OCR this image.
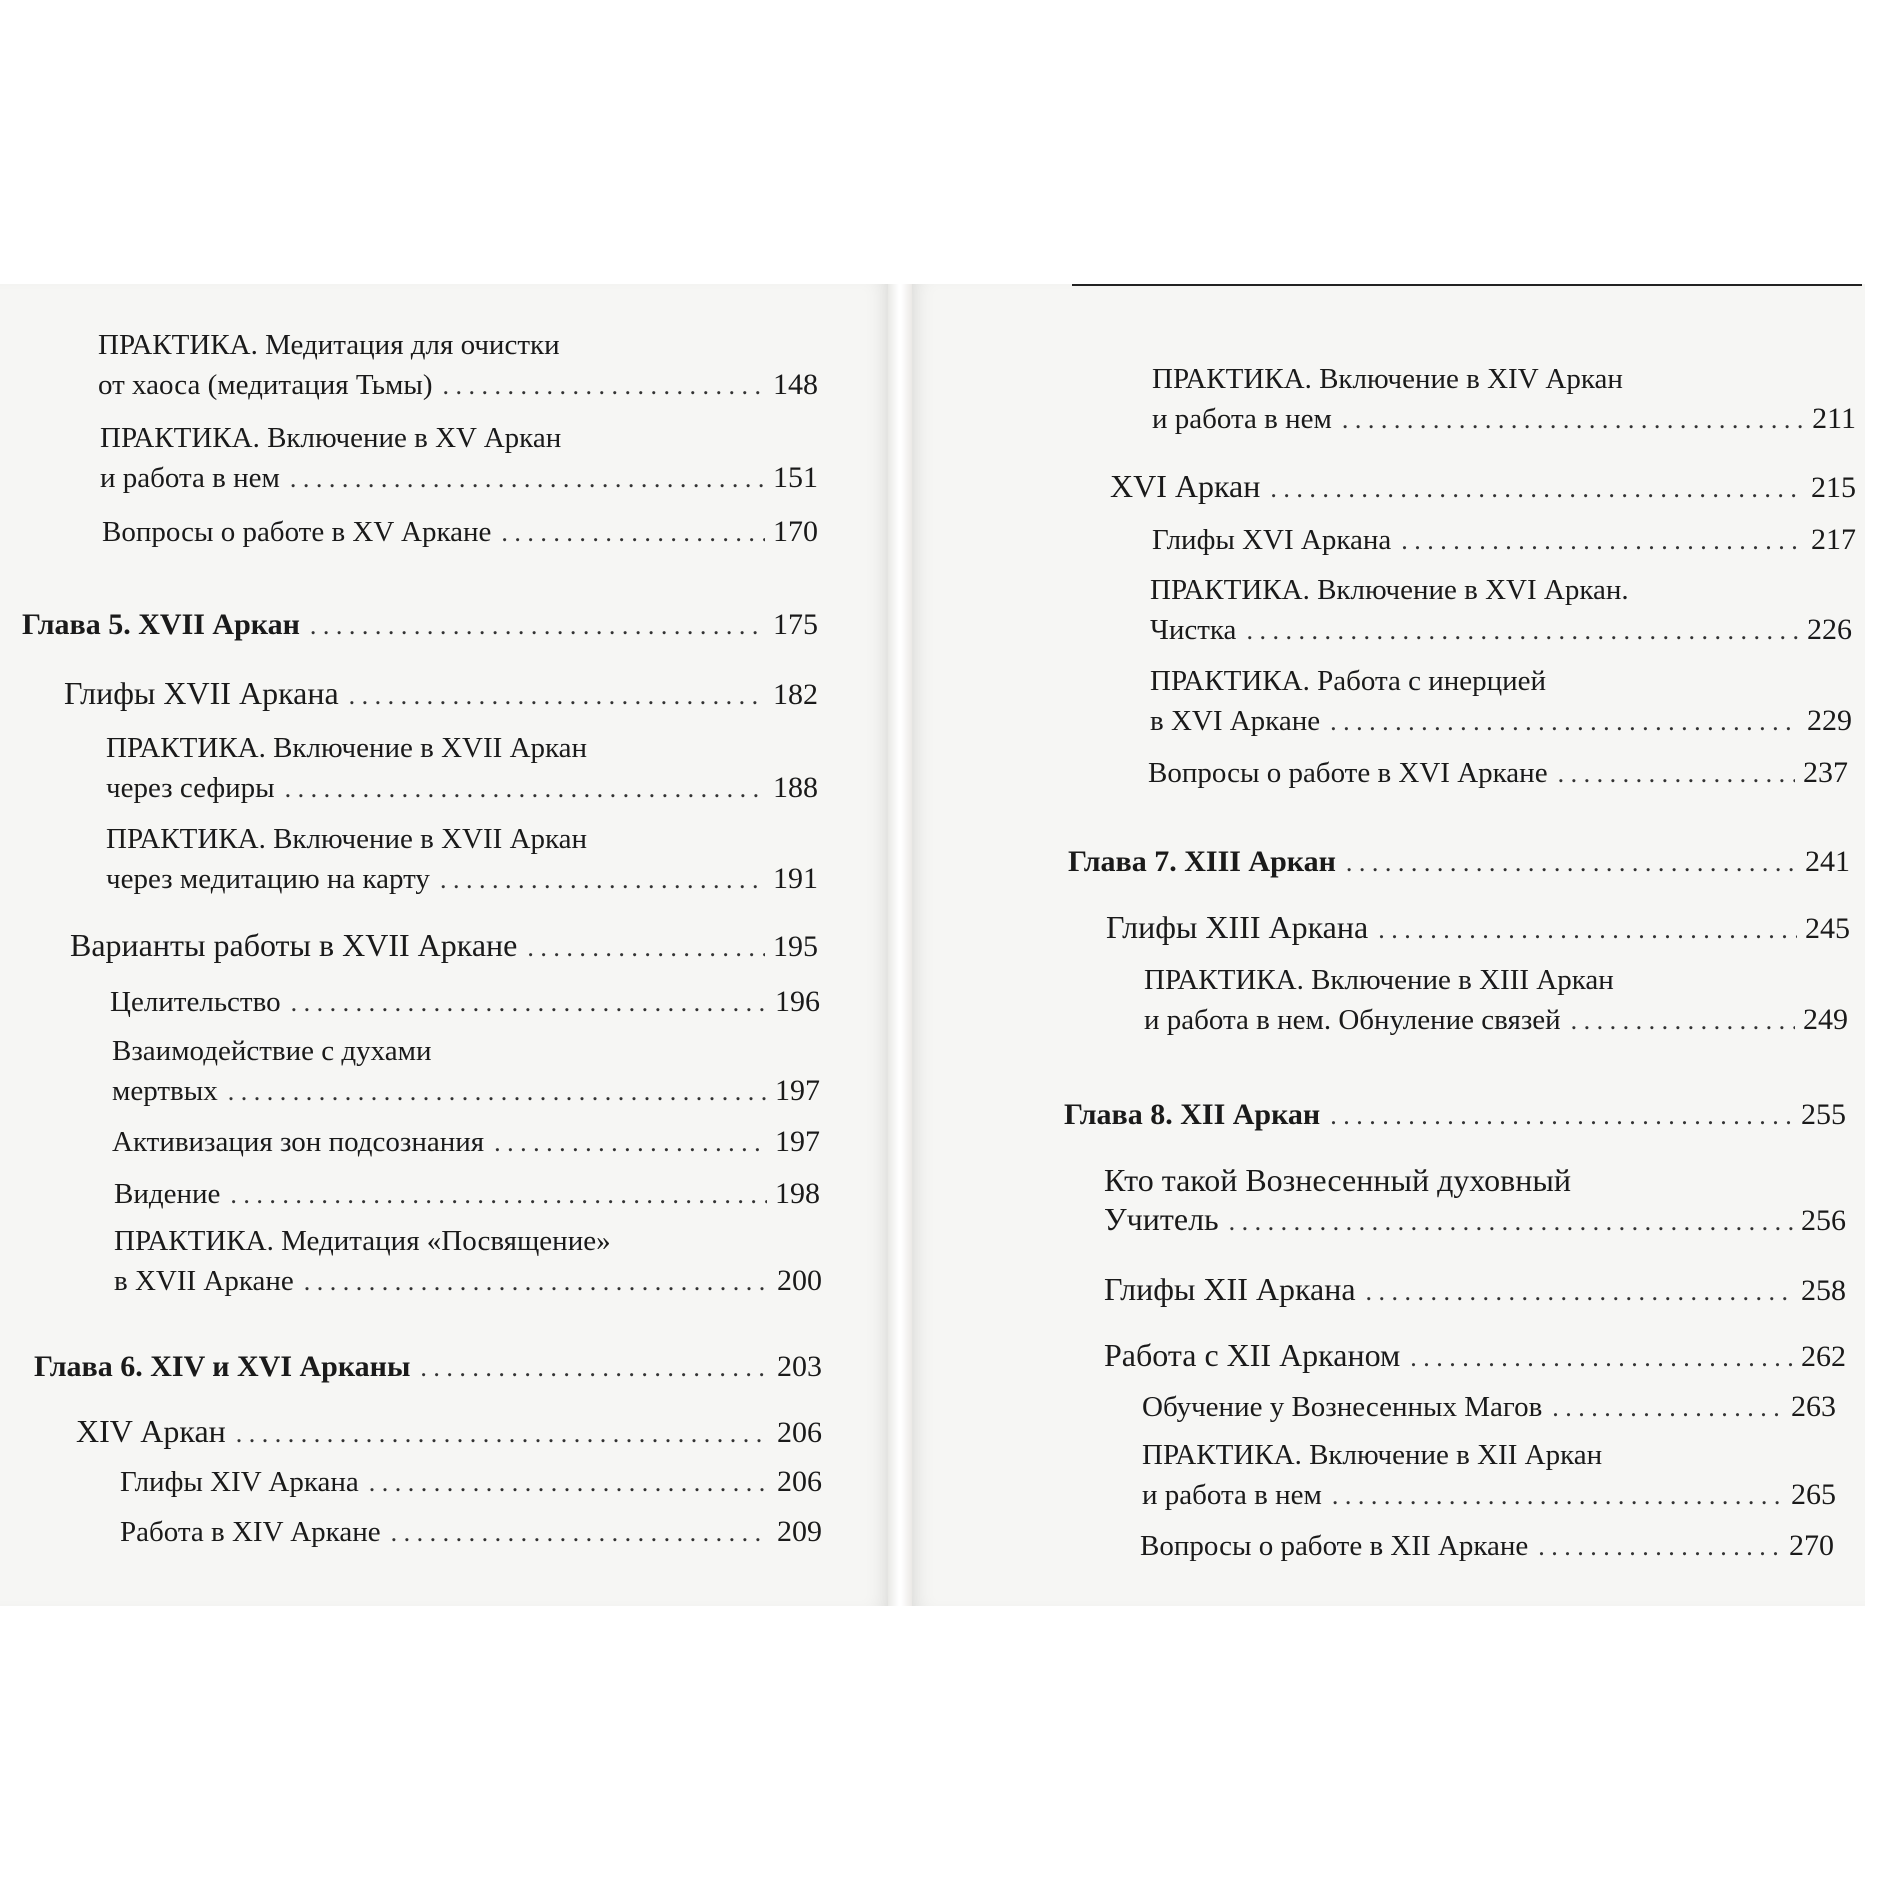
ПРАКТИКА. Медитация для очистки
от хаоса (медитация Тьмы) . . .	148
ПРАКТИКА. Включение в XV Аркан
и работа в нем . . .	151
Вопросы о работе в XV Аркане . . .	170
Глава 5. XVII Аркан . . .	175
Глифы XVII Аркана . . .	182
ПРАКТИКА. Включение в XVII Аркан
через сефиры . . .	188
ПРАКТИКА. Включение в XVII Аркан
через медитацию на карту . . .	191
Варианты работы в XVII Аркане . . .	195
Целительство . . .	196
Взаимодействие с духами
мертвых . . .	197
Активизация зон подсознания . . .	197
Видение . . .	198
ПРАКТИКА. Медитация «Посвящение»
в XVII Аркане . . .	200
Глава 6. XIV и XVI Арканы . . .	203
XIV Аркан . . .	206
Глифы XIV Аркана . . .	206
Работа в XIV Аркане . . .	209
ПРАКТИКА. Включение в XIV Аркан
и работа в нем . . .	211
XVI Аркан . . .	215
Глифы XVI Аркана . . .	217
ПРАКТИКА. Включение в XVI Аркан.
Чистка . . .	226
ПРАКТИКА. Работа с инерцией
в XVI Аркане . . .	229
Вопросы о работе в XVI Аркане . . .	237
Глава 7. XIII Аркан . . .	241
Глифы XIII Аркана . . .	245
ПРАКТИКА. Включение в XIII Аркан
и работа в нем. Обнуление связей . . .	249
Глава 8. XII Аркан . . .	255
Кто такой Вознесенный духовный
Учитель . . .	256
Глифы XII Аркана . . .	258
Работа с XII Арканом . . .	262
Обучение у Вознесенных Магов . . .	263
ПРАКТИКА. Включение в XII Аркан
и работа в нем . . .	265
Вопросы о работе в XII Аркане . . .	270
